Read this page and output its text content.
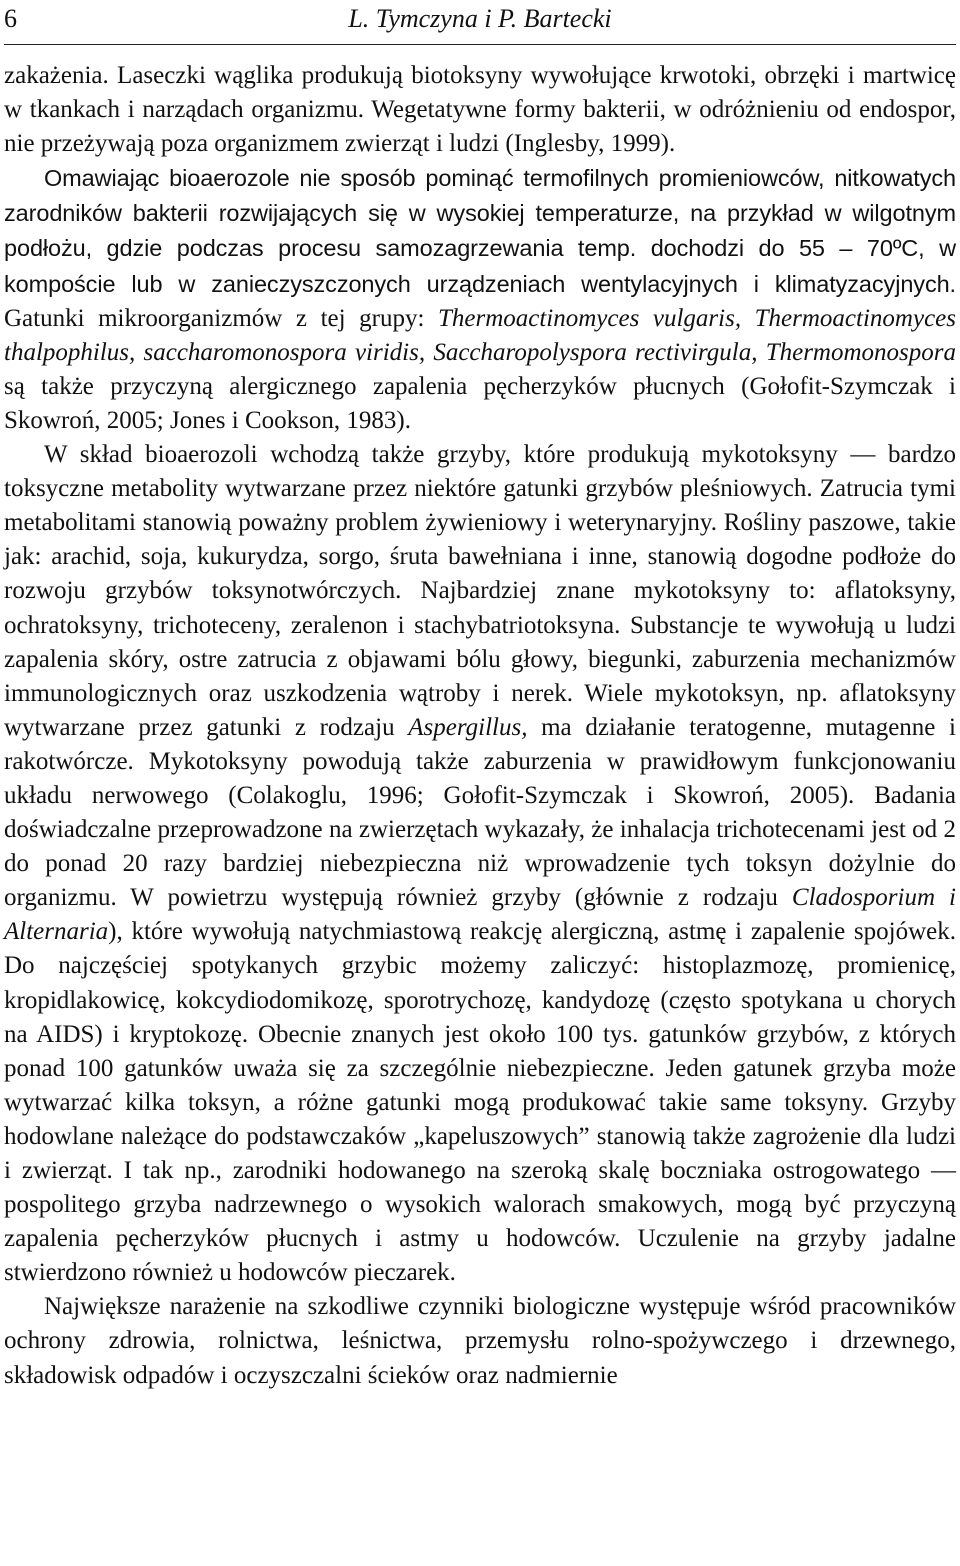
6	L. Tymczyna i P. Bartecki

zakażenia. Laseczki wąglika produkują biotoksyny wywołujące krwotoki, obrzęki i martwicę w tkankach i narządach organizmu. Wegetatywne formy bakterii, w odróżnieniu od endospor, nie przeżywają poza organizmem zwierząt i ludzi (Inglesby, 1999).

Omawiając bioaerozole nie sposób pominąć termofilnych promieniowców, nitkowatych zarodników bakterii rozwijających się w wysokiej temperaturze, na przykład w wilgotnym podłożu, gdzie podczas procesu samozagrzewania temp. dochodzi do 55 – 70ºC, w kompoście lub w zanieczyszczonych urządzeniach wentylacyjnych i klimatyzacyjnych. Gatunki mikroorganizmów z tej grupy: Thermoactinomyces vulgaris, Thermoactinomyces thalpophilus, saccharomonospora viridis, Saccharopolyspora rectivirgula, Thermomonospora są także przyczyną alergicznego zapalenia pęcherzyków płucnych (Gołofit-Szymczak i Skowroń, 2005; Jones i Cookson, 1983).

W skład bioaerozoli wchodzą także grzyby, które produkują mykotoksyny — bardzo toksyczne metabolity wytwarzane przez niektóre gatunki grzybów pleśniowych. Zatrucia tymi metabolitami stanowią poważny problem żywieniowy i weterynaryjny. Rośliny paszowe, takie jak: arachid, soja, kukurydza, sorgo, śruta bawełniana i inne, stanowią dogodne podłoże do rozwoju grzybów toksynotwórczych. Najbardziej znane mykotoksyny to: aflatoksyny, ochratoksyny, trichoteceny, zeralenon i stachybatriotoksyna. Substancje te wywołują u ludzi zapalenia skóry, ostre zatrucia z objawami bólu głowy, biegunki, zaburzenia mechanizmów immunologicznych oraz uszkodzenia wątroby i nerek. Wiele mykotoksyn, np. aflatoksyny wytwarzane przez gatunki z rodzaju Aspergillus, ma działanie teratogenne, mutagenne i rakotwórcze. Mykotoksyny powodują także zaburzenia w prawidłowym funkcjonowaniu układu nerwowego (Colakoglu, 1996; Gołofit-Szymczak i Skowroń, 2005). Badania doświadczalne przeprowadzone na zwierzętach wykazały, że inhalacja trichotecenami jest od 2 do ponad 20 razy bardziej niebezpieczna niż wprowadzenie tych toksyn dożylnie do organizmu. W powietrzu występują również grzyby (głównie z rodzaju Cladosporium i Alternaria), które wywołują natychmiastową reakcję alergiczną, astmę i zapalenie spojówek. Do najczęściej spotykanych grzybic możemy zaliczyć: histoplazmozę, promienicę, kropidlakowicę, kokcydiodomikozę, sporotrychozę, kandydozę (często spotykana u chorych na AIDS) i kryptokozę. Obecnie znanych jest około 100 tys. gatunków grzybów, z których ponad 100 gatunków uważa się za szczególnie niebezpieczne. Jeden gatunek grzyba może wytwarzać kilka toksyn, a różne gatunki mogą produkować takie same toksyny. Grzyby hodowlane należące do podstawczaków „kapeluszowych” stanowią także zagrożenie dla ludzi i zwierząt. I tak np., zarodniki hodowanego na szeroką skalę boczniaka ostrogowatego — pospolitego grzyba nadrzewnego o wysokich walorach smakowych, mogą być przyczyną zapalenia pęcherzyków płucnych i astmy u hodowców. Uczulenie na grzyby jadalne stwierdzono również u hodowców pieczarek.

Największe narażenie na szkodliwe czynniki biologiczne występuje wśród pracowników ochrony zdrowia, rolnictwa, leśnictwa, przemysłu rolno-spożywczego i drzewnego, składowisk odpadów i oczyszczalni ścieków oraz nadmiernie
